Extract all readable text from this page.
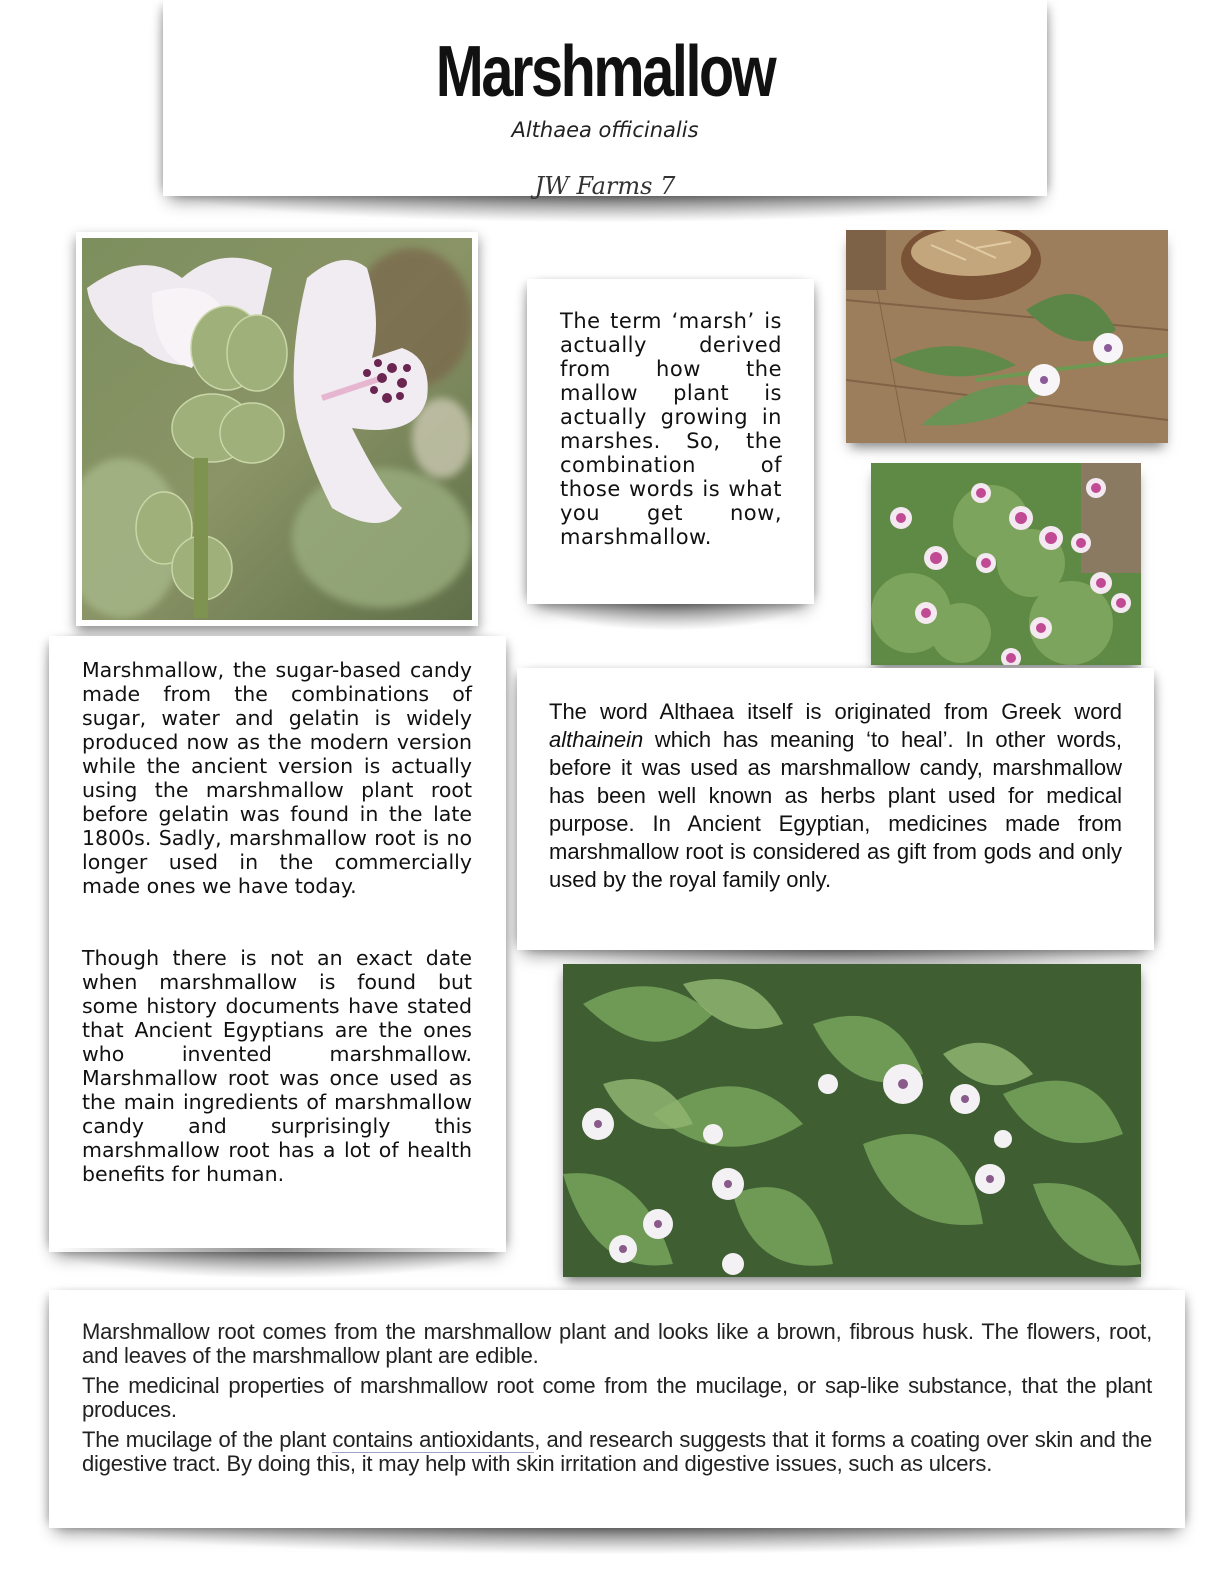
Marshmallow
Althaea officinalis
JW Farms 7
The term ‘marsh’ is actually derived from how the mallow plant is actually growing in marshes. So, the combination of those words is what you get now, marshmallow.
Marshmallow, the sugar-based candy made from the combinations of sugar, water and gelatin is widely produced now as the modern version while the ancient version is actually using the marshmallow plant root before gelatin was found in the late 1800s. Sadly, marshmallow root is no longer used in the commercially made ones we have today.
Though there is not an exact date when marshmallow is found but some history documents have stated that Ancient Egyptians are the ones who invented marshmallow. Marshmallow root was once used as the main ingredients of marshmallow candy and surprisingly this marshmallow root has a lot of health benefits for human.
The word Althaea itself is originated from Greek word althainein which has meaning ‘to heal’. In other words, before it was used as marshmallow candy, marshmallow has been well known as herbs plant used for medical purpose. In Ancient Egyptian, medicines made from marshmallow root is considered as gift from gods and only used by the royal family only.
Marshmallow root comes from the marshmallow plant and looks like a brown, fibrous husk. The flowers, root, and leaves of the marshmallow plant are edible.
The medicinal properties of marshmallow root come from the mucilage, or sap-like substance, that the plant produces.
The mucilage of the plant contains antioxidants, and research suggests that it forms a coating over skin and the digestive tract. By doing this, it may help with skin irritation and digestive issues, such as ulcers.
